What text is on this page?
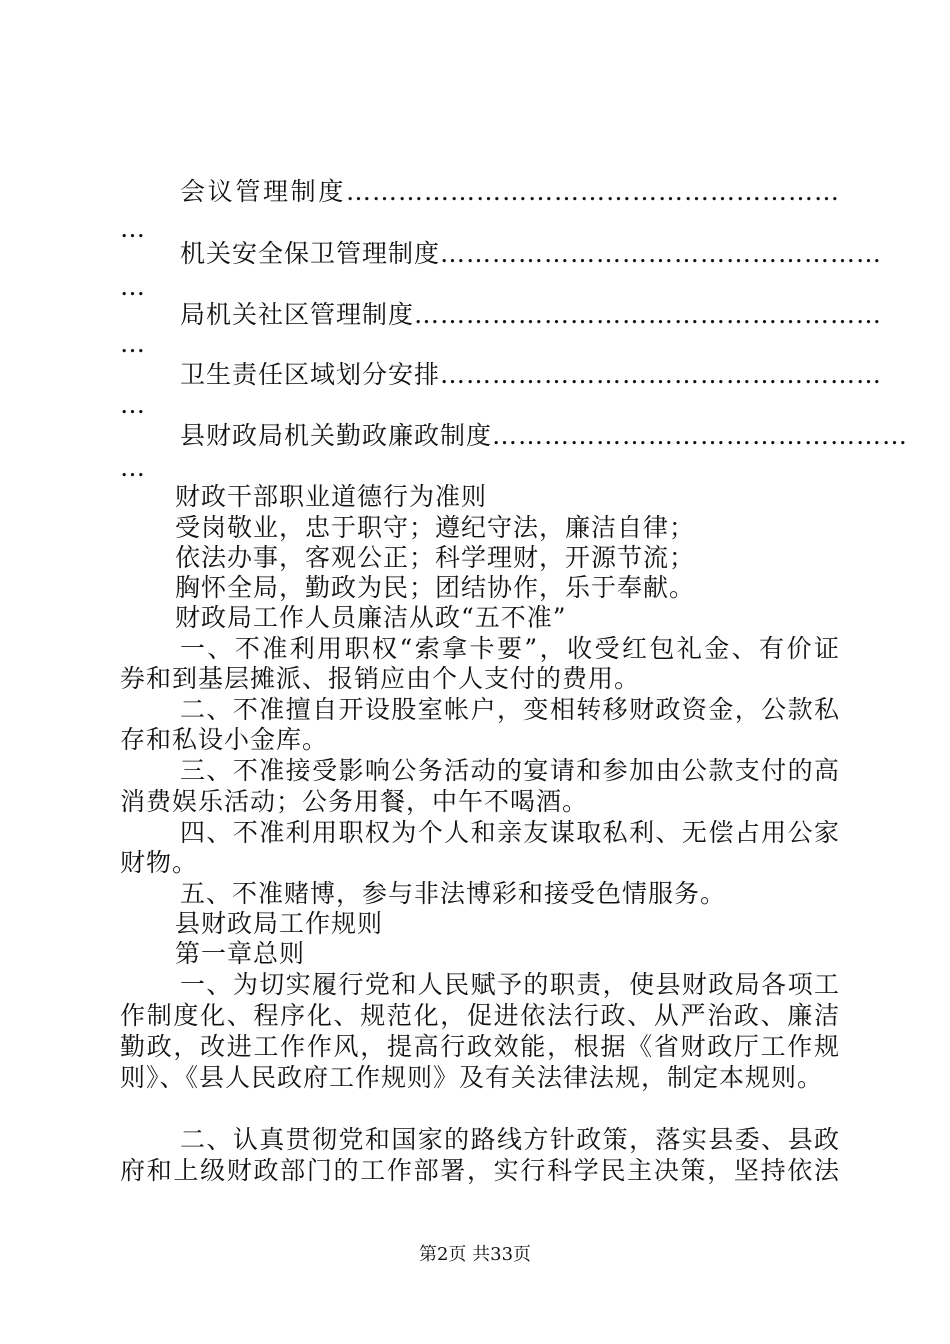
会议管理制度…………………………………………………
…
机关安全保卫管理制度……………………………………………
…
局机关社区管理制度………………………………………………
…
卫生责任区域划分安排……………………………………………
…
县财政局机关勤政廉政制度…………………………………………
…
财政干部职业道德行为准则
受岗敬业，忠于职守；遵纪守法，廉洁自律；
依法办事，客观公正；科学理财，开源节流；
胸怀全局，勤政为民；团结协作，乐于奉献。
财政局工作人员廉洁从政“五不准”
一、不准利用职权“索拿卡要”，收受红包礼金、有价证
券和到基层摊派、报销应由个人支付的费用。
二、不准擅自开设股室帐户，变相转移财政资金，公款私
存和私设小金库。
三、不准接受影响公务活动的宴请和参加由公款支付的高
消费娱乐活动；公务用餐，中午不喝酒。
四、不准利用职权为个人和亲友谋取私利、无偿占用公家
财物。
五、不准赌博，参与非法博彩和接受色情服务。
县财政局工作规则
第一章总则
一、为切实履行党和人民赋予的职责，使县财政局各项工
作制度化、程序化、规范化，促进依法行政、从严治政、廉洁
勤政，改进工作作风，提高行政效能，根据《省财政厅工作规
则》、《县人民政府工作规则》及有关法律法规，制定本规则。
二、认真贯彻党和国家的路线方针政策，落实县委、县政
府和上级财政部门的工作部署，实行科学民主决策，坚持依法
第2页 共33页
